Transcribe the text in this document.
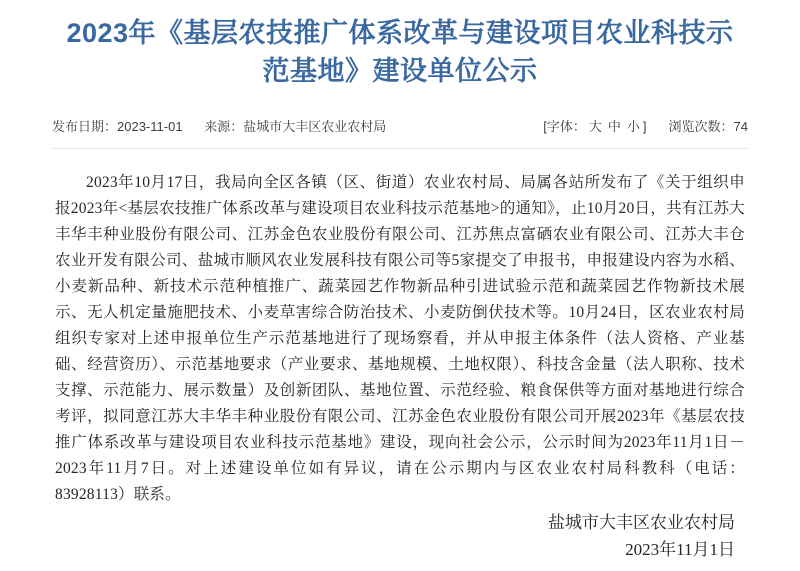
2023年《基层农技推广体系改革与建设项目农业科技示范基地》建设单位公示
发布日期：2023-11-01 来源：盐城市大丰区农业农村局	[字体： 大 中 小 ] 浏览次数：74
2023年10月17日，我局向全区各镇（区、街道）农业农村局、局属各站所发布了《关于组织申报2023年<基层农技推广体系改革与建设项目农业科技示范基地>的通知》，止10月20日，共有江苏大丰华丰种业股份有限公司、江苏金色农业股份有限公司、江苏焦点富硒农业有限公司、江苏大丰仓农业开发有限公司、盐城市顺风农业发展科技有限公司等5家提交了申报书，申报建设内容为水稻、小麦新品种、新技术示范种植推广、蔬菜园艺作物新品种引进试验示范和蔬菜园艺作物新技术展示、无人机定量施肥技术、小麦草害综合防治技术、小麦防倒伏技术等。10月24日，区农业农村局组织专家对上述申报单位生产示范基地进行了现场察看，并从申报主体条件（法人资格、产业基础、经营资历）、示范基地要求（产业要求、基地规模、土地权限）、科技含金量（法人职称、技术支撑、示范能力、展示数量）及创新团队、基地位置、示范经验、粮食保供等方面对基地进行综合考评，拟同意江苏大丰华丰种业股份有限公司、江苏金色农业股份有限公司开展2023年《基层农技推广体系改革与建设项目农业科技示范基地》建设，现向社会公示，公示时间为2023年11月1日－2023年11月7日。对上述建设单位如有异议，请在公示期内与区农业农村局科教科（电话：83928113）联系。
盐城市大丰区农业农村局
2023年11月1日
